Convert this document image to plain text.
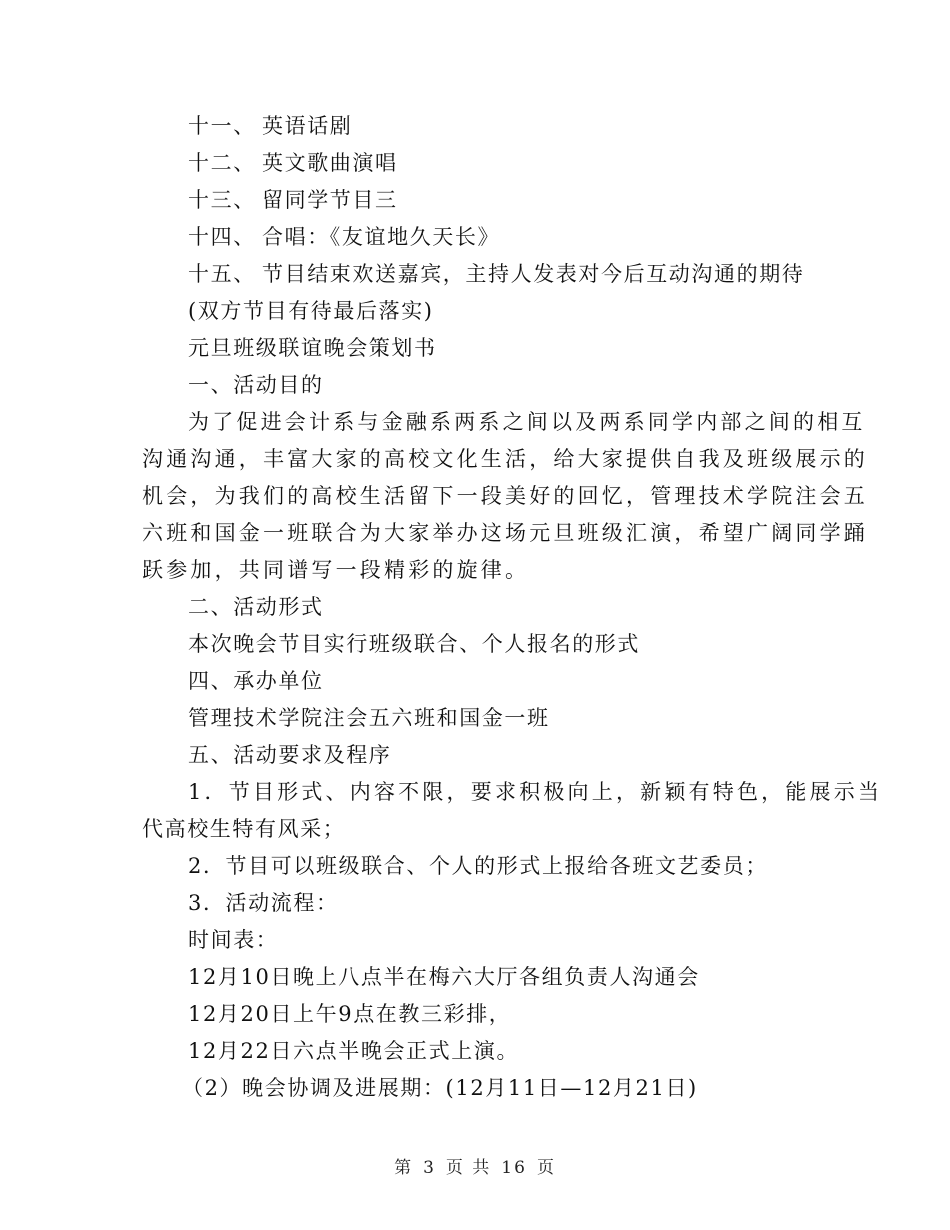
十一、 英语话剧
十二、 英文歌曲演唱
十三、 留同学节目三
十四、 合唱：《友谊地久天长》
十五、 节目结束欢送嘉宾，主持人发表对今后互动沟通的期待
(双方节目有待最后落实)
元旦班级联谊晚会策划书
一、活动目的
为了促进会计系与金融系两系之间以及两系同学内部之间的相互
沟通沟通，丰富大家的高校文化生活，给大家提供自我及班级展示的
机会，为我们的高校生活留下一段美好的回忆，管理技术学院注会五
六班和国金一班联合为大家举办这场元旦班级汇演，希望广阔同学踊
跃参加，共同谱写一段精彩的旋律。
二、活动形式
本次晚会节目实行班级联合、个人报名的形式
四、承办单位
管理技术学院注会五六班和国金一班
五、活动要求及程序
1．节目形式、内容不限，要求积极向上，新颖有特色，能展示当
代高校生特有风采；
2．节目可以班级联合、个人的形式上报给各班文艺委员；
3．活动流程：
时间表：
12月10日晚上八点半在梅六大厅各组负责人沟通会
12月20日上午9点在教三彩排，
12月22日六点半晚会正式上演。
（2）晚会协调及进展期：(12月11日—12月21日)
第 3 页 共 16 页
